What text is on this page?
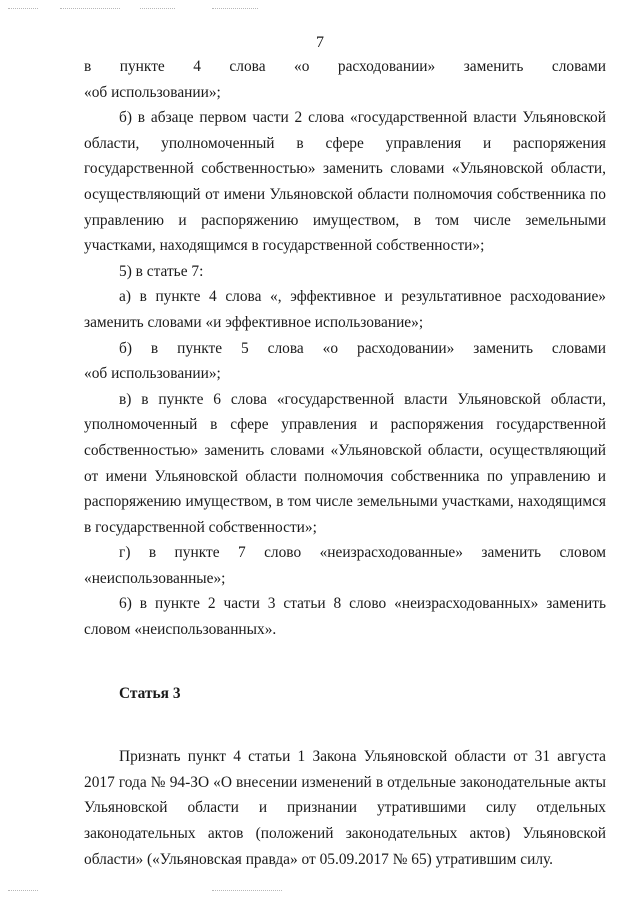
7

в пункте 4 слова «о расходовании» заменить словами

«об использовании»;

б) в абзаце первом части 2 слова «государственной власти Ульяновской области, уполномоченный в сфере управления и распоряжения государственной собственностью» заменить словами «Ульяновской области, осуществляющий от имени Ульяновской области полномочия собственника по управлению и распоряжению имуществом, в том числе земельными участками, находящимся в государственной собственности»;

5) в статье 7:

а) в пункте 4 слова «, эффективное и результативное расходование» заменить словами «и эффективное использование»;

б) в пункте 5 слова «о расходовании» заменить словами

«об использовании»;

в) в пункте 6 слова «государственной власти Ульяновской области, уполномоченный в сфере управления и распоряжения государственной собственностью» заменить словами «Ульяновской области, осуществляющий от имени Ульяновской области полномочия собственника по управлению и распоряжению имуществом, в том числе земельными участками, находящимся в государственной собственности»;

г) в пункте 7 слово «неизрасходованные» заменить словом

«неиспользованные»;

6) в пункте 2 части 3 статьи 8 слово «неизрасходованных» заменить словом «неиспользованных».

Статья 3

Признать пункт 4 статьи 1 Закона Ульяновской области от 31 августа 2017 года № 94-ЗО «О внесении изменений в отдельные законодательные акты Ульяновской области и признании утратившими силу отдельных законодательных актов (положений законодательных актов) Ульяновской области» («Ульяновская правда» от 05.09.2017 № 65) утратившим силу.
